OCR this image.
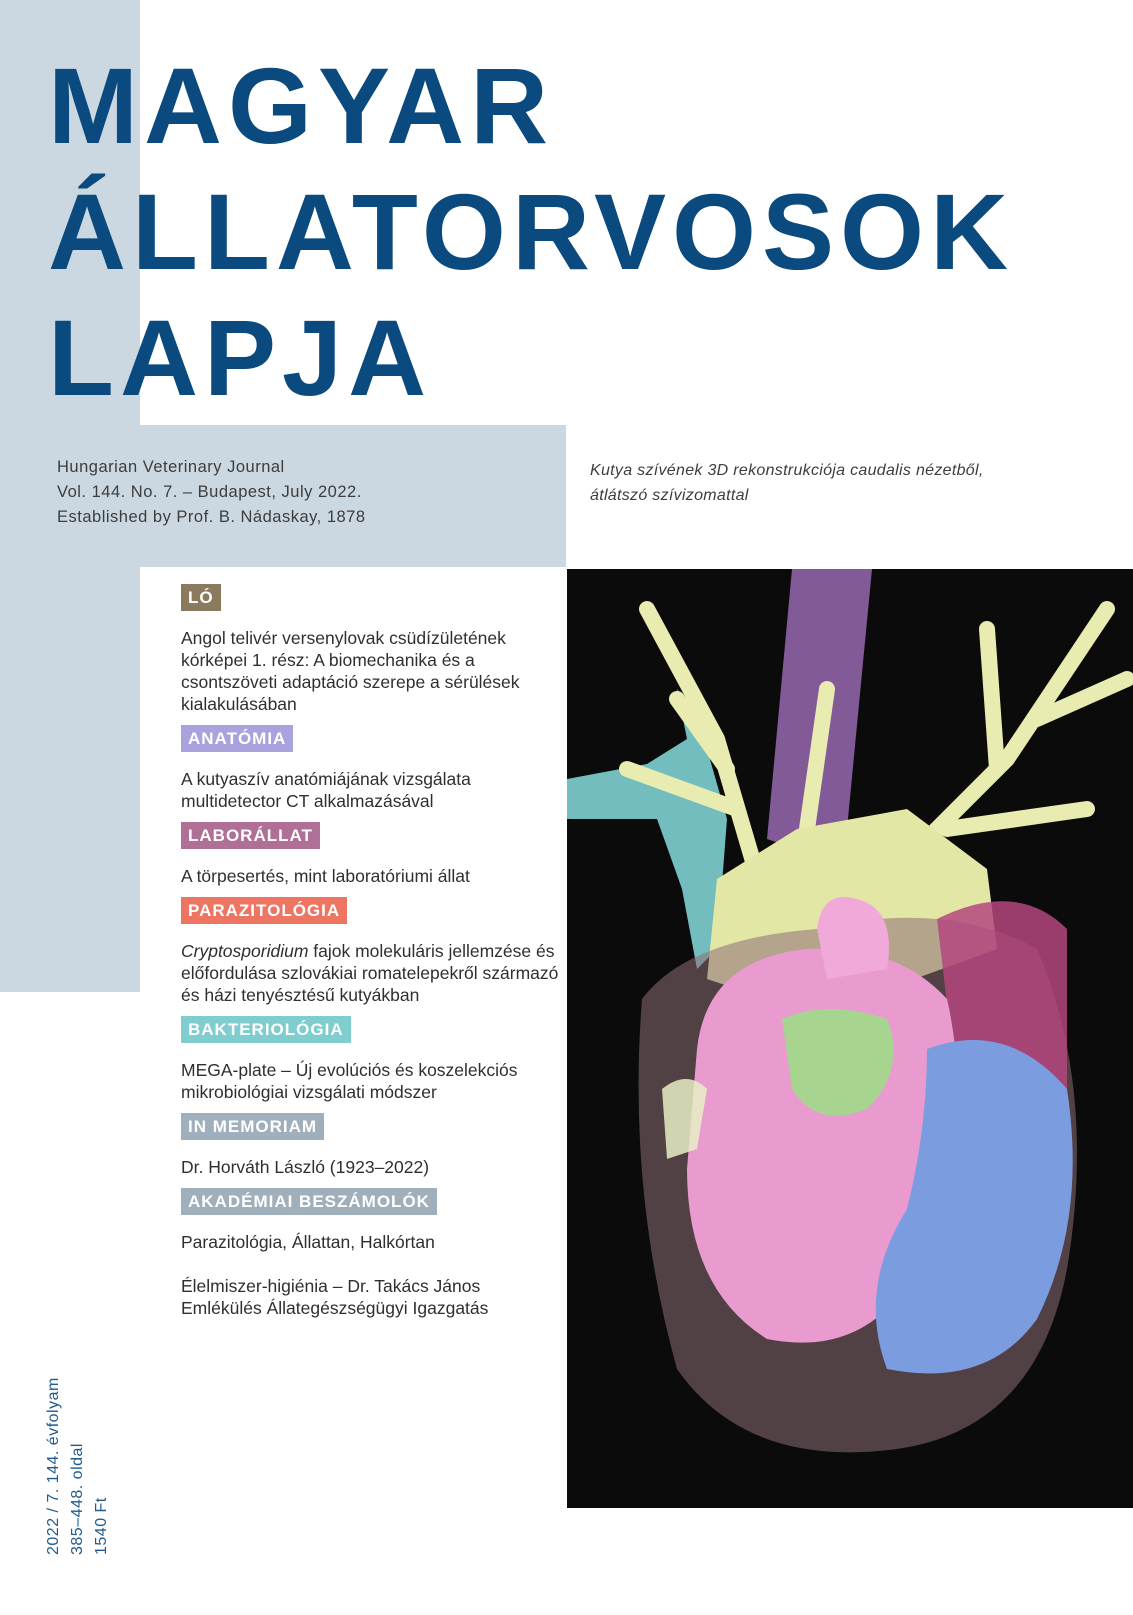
MAGYAR
ÁLLATORVOSOK
LAPJA
Hungarian Veterinary Journal
Vol. 144. No. 7. – Budapest, July 2022.
Established by Prof. B. Nádaskay, 1878
Kutya szívének 3D rekonstrukciója caudalis nézetből,
átlátszó szívizomattal
LÓ

Angol telivér versenylovak csüdízületének kórképei 1. rész: A biomechanika és a csontszöveti adaptáció szerepe a sérülések kialakulásában

ANATÓMIA

A kutyaszív anatómiájának vizsgálata multidetector CT alkalmazásával

LABORÁLLAT

A törpesertés, mint laboratóriumi állat

PARAZITOLÓGIA

Cryptosporidium fajok molekuláris jellemzése és előfordulása szlovákiai romatelepekről származó és házi tenyésztésű kutyákban

BAKTERIOLÓGIA

MEGA-plate – Új evolúciós és koszelekciós mikrobiológiai vizsgálati módszer

IN MEMORIAM

Dr. Horváth László (1923–2022)

AKADÉMIAI BESZÁMOLÓK

Parazitológia, Állattan, Halkórtan

Élelmiszer-higiénia – Dr. Takács János Emlékülés Állategészségügyi Igazgatás

2022 / 7. 144. évfolyam 385–448. oldal 1540 Ft
